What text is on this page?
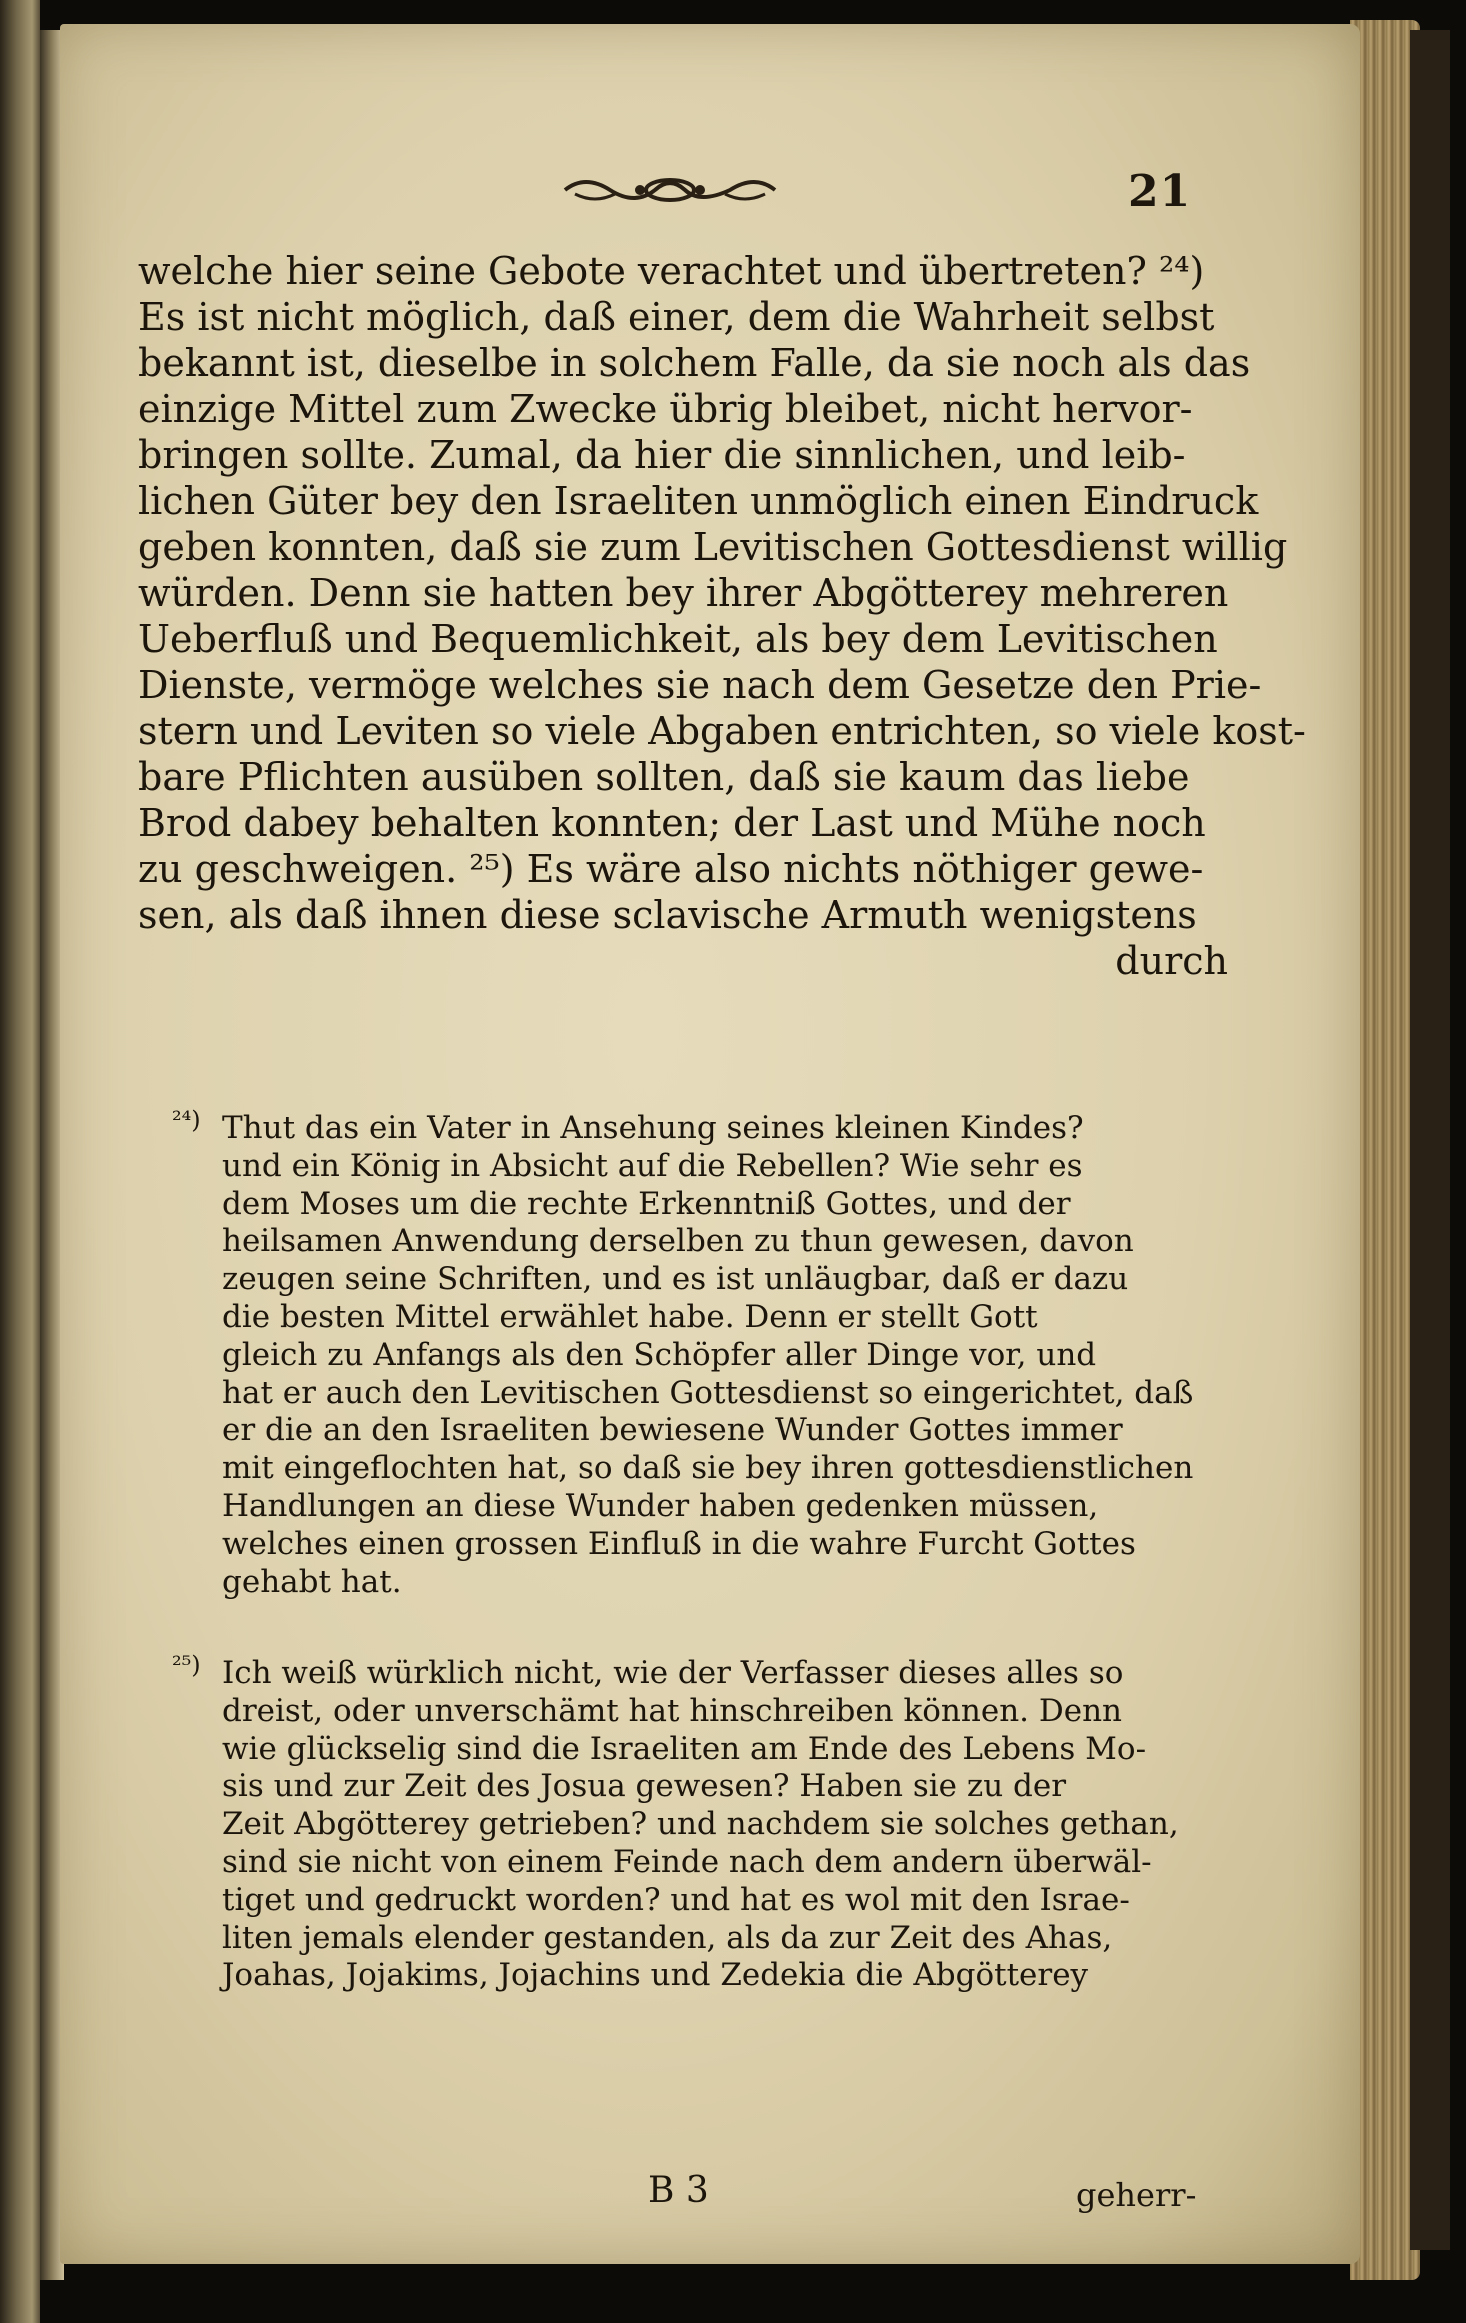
21
welche hier seine Gebote verachtet und übertreten? ²⁴)
Es ist nicht möglich, daß einer, dem die Wahrheit selbst
bekannt ist, dieselbe in solchem Falle, da sie noch als das
einzige Mittel zum Zwecke übrig bleibet, nicht hervor-
bringen sollte. Zumal, da hier die sinnlichen, und leib-
lichen Güter bey den Israeliten unmöglich einen Eindruck
geben konnten, daß sie zum Levitischen Gottesdienst willig
würden. Denn sie hatten bey ihrer Abgötterey mehreren
Ueberfluß und Bequemlichkeit, als bey dem Levitischen
Dienste, vermöge welches sie nach dem Gesetze den Prie-
stern und Leviten so viele Abgaben entrichten, so viele kost-
bare Pflichten ausüben sollten, daß sie kaum das liebe
Brod dabey behalten konnten; der Last und Mühe noch
zu geschweigen. ²⁵) Es wäre also nichts nöthiger gewe-
sen, als daß ihnen diese sclavische Armuth wenigstens
durch
²⁴) Thut das ein Vater in Ansehung seines kleinen Kindes?
und ein König in Absicht auf die Rebellen? Wie sehr es
dem Moses um die rechte Erkenntniß Gottes, und der
heilsamen Anwendung derselben zu thun gewesen, davon
zeugen seine Schriften, und es ist unläugbar, daß er dazu
die besten Mittel erwählet habe. Denn er stellt Gott
gleich zu Anfangs als den Schöpfer aller Dinge vor, und
hat er auch den Levitischen Gottesdienst so eingerichtet, daß
er die an den Israeliten bewiesene Wunder Gottes immer
mit eingeflochten hat, so daß sie bey ihren gottesdienstlichen
Handlungen an diese Wunder haben gedenken müssen,
welches einen grossen Einfluß in die wahre Furcht Gottes
gehabt hat.
²⁵) Ich weiß würklich nicht, wie der Verfasser dieses alles so
dreist, oder unverschämt hat hinschreiben können. Denn
wie glückselig sind die Israeliten am Ende des Lebens Mo-
sis und zur Zeit des Josua gewesen? Haben sie zu der
Zeit Abgötterey getrieben? und nachdem sie solches gethan,
sind sie nicht von einem Feinde nach dem andern überwäl-
tiget und gedruckt worden? und hat es wol mit den Israe-
liten jemals elender gestanden, als da zur Zeit des Ahas,
Joahas, Jojakims, Jojachins und Zedekia die Abgötterey
B 3	geherr-
